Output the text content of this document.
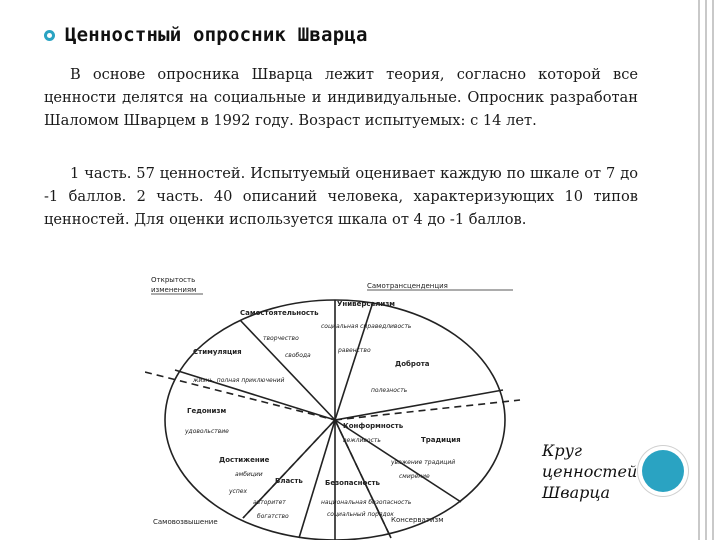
Ценностный опросник Шварца

В основе опросника Шварца лежит теория, согласно которой все ценности делятся на социальные и индивидуальные. Опросник разработан Шаломом Шварцем в 1992 году. Возраст испытуемых: с 14 лет.

1 часть. 57 ценностей. Испытуемый оценивает каждую по шкале от 7 до -1 баллов. 2 часть. 40 описаний человека, характеризующих 10 типов ценностей. Для оценки используется шкала от 4 до -1 баллов.

Открытость
изменениям	Самотрансценденция
Самовозвышение	Консерватизм
Самостоятельность
Универсализм
Стимуляция
Доброта
Гедонизм
Конформность
Традиция
Достижение
Власть	Безопасность
творчество
свобода
социальная справедливость
равенство
жизнь, полная приключений
полезность
удовольствие
вежливость
уважение традиций
смирение
амбиции
успех
авторитет
богатство
национальная безопасность
социальный порядок
Круг
ценностей
Шварца
